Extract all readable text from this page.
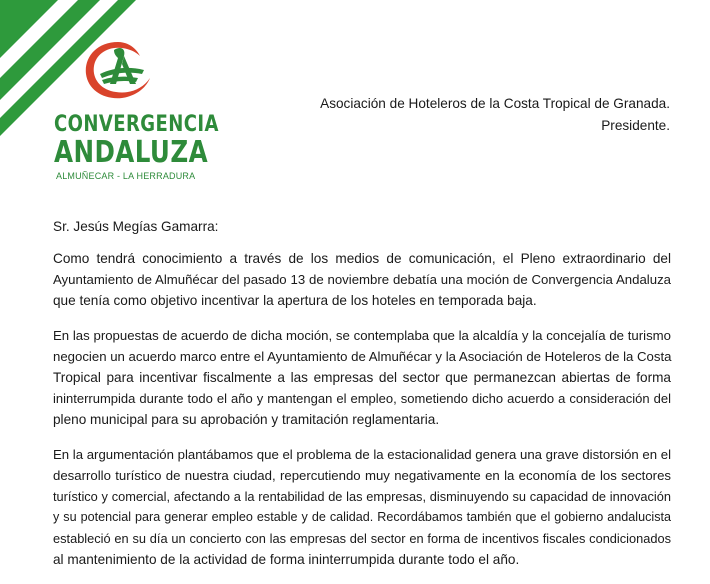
CONVERGENCIA
ANDALUZA
ALMUÑECAR - LA HERRADURA
Asociación de Hoteleros de la Costa Tropical de Granada.
Presidente.
Sr. Jesús Megías Gamarra:

Como tendrá conocimiento a través de los medios de comunicación, el Pleno extraordinario del
Ayuntamiento de Almuñécar del pasado 13 de noviembre debatía una moción de Convergencia Andaluza
que tenía como objetivo incentivar la apertura de los hoteles en temporada baja.

En las propuestas de acuerdo de dicha moción, se contemplaba que la alcaldía y la concejalía de turismo
negocien un acuerdo marco entre el Ayuntamiento de Almuñécar y la Asociación de Hoteleros de la Costa
Tropical para incentivar fiscalmente a las empresas del sector que permanezcan abiertas de forma
ininterrumpida durante todo el año y mantengan el empleo, sometiendo dicho acuerdo a consideración del
pleno municipal para su aprobación y tramitación reglamentaria.

En la argumentación plantábamos que el problema de la estacionalidad genera una grave distorsión en el
desarrollo turístico de nuestra ciudad, repercutiendo muy negativamente en la economía de los sectores
turístico y comercial, afectando a la rentabilidad de las empresas, disminuyendo su capacidad de innovación
y su potencial para generar empleo estable y de calidad. Recordábamos también que el gobierno andalucista
estableció en su día un concierto con las empresas del sector en forma de incentivos fiscales condicionados
al mantenimiento de la actividad de forma ininterrumpida durante todo el año.
